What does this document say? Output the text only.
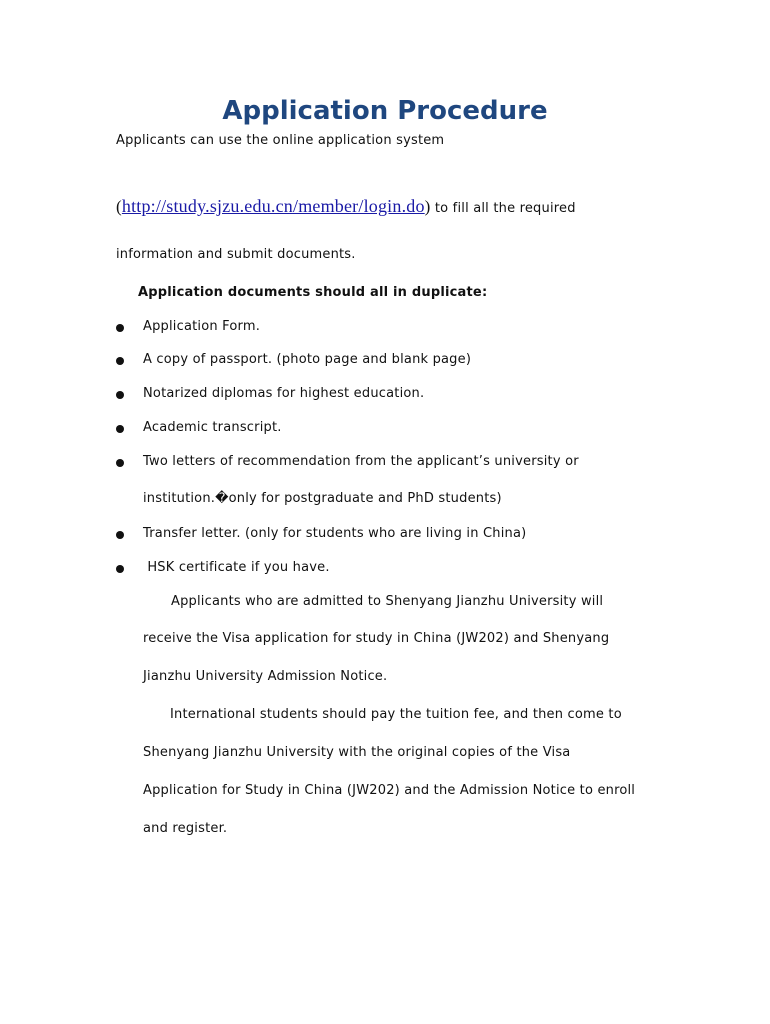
Application Procedure
Applicants can use the online application system
(http://study.sjzu.edu.cn/member/login.do) to fill all the required
information and submit documents.
Application documents should all in duplicate:
Application Form.
A copy of passport. (photo page and blank page)
Notarized diplomas for highest education.
Academic transcript.
Two letters of recommendation from the applicant’s university or
institution.�only for postgraduate and PhD students)
Transfer letter. (only for students who are living in China)
HSK certificate if you have.
Applicants who are admitted to Shenyang Jianzhu University will
receive the Visa application for study in China (JW202) and Shenyang
Jianzhu University Admission Notice.
International students should pay the tuition fee, and then come to
Shenyang Jianzhu University with the original copies of the Visa
Application for Study in China (JW202) and the Admission Notice to enroll
and register.
